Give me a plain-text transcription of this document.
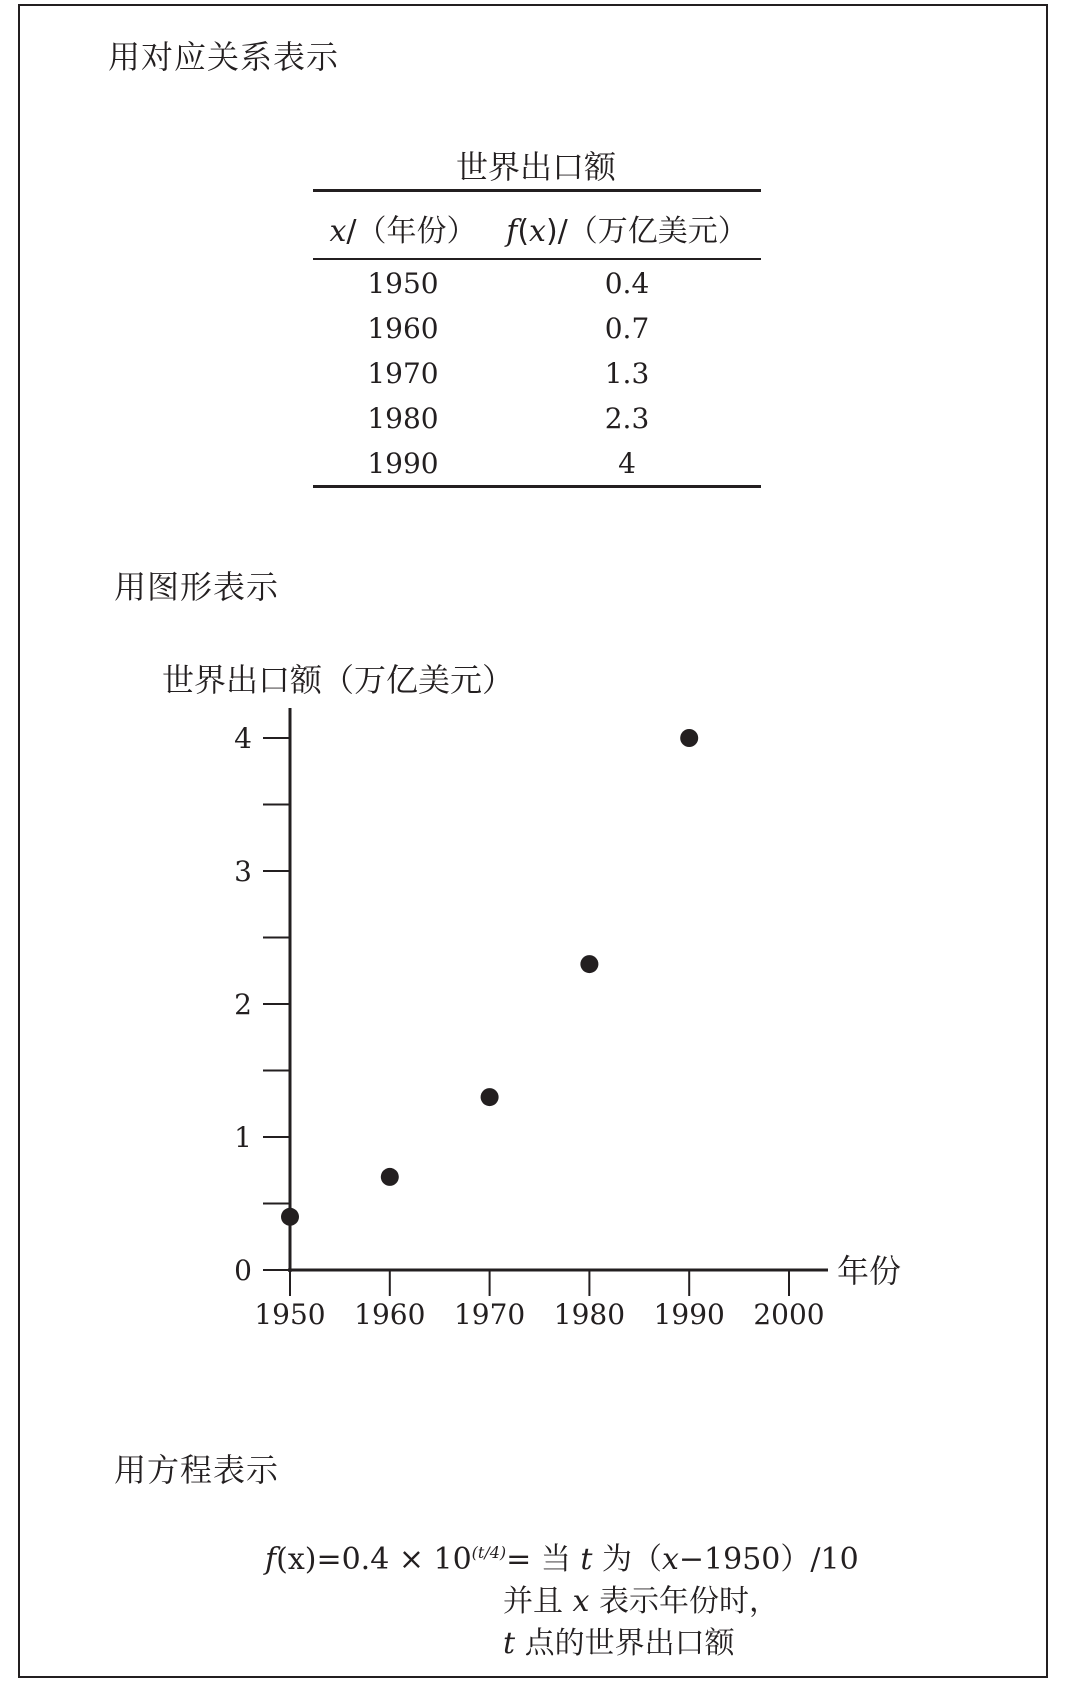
用对应关系表示
世界出口额
x/（年份） f(x)/（万亿美元）
1950	0.4
1960	0.7
1970	1.3
1980	2.3
1990	4
用图形表示
0
1
2
3
4
1950 1960 1970 1980 1990 2000
世界出口额（万亿美元）
年份
用方程表示
$f(x)=0.4 \times 10^{(t/4)}=$ 当 t 为（x−1950）/10
并且 x 表示年份时，
t 点的世界出口额
